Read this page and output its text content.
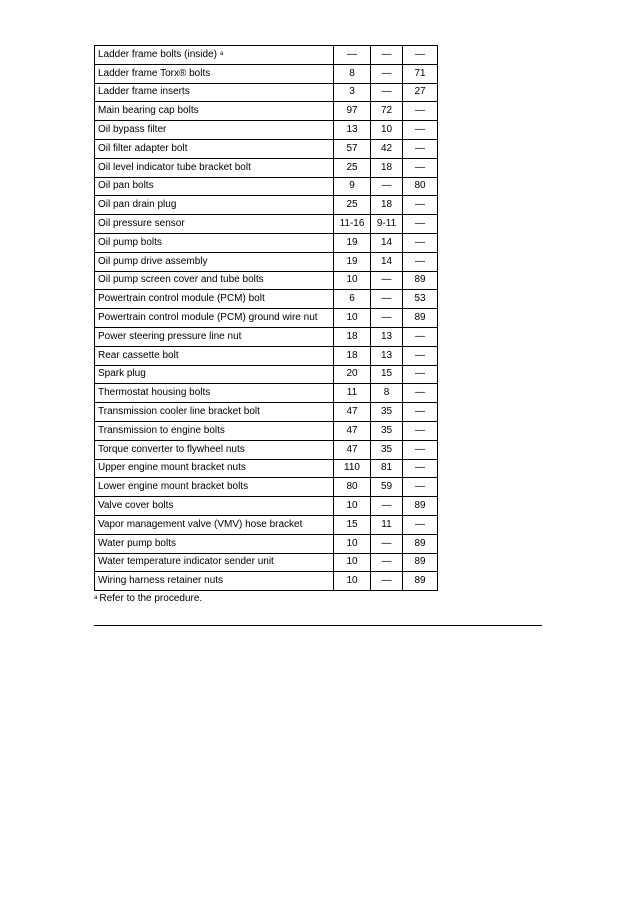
Ladder frame bolts (inside) $^a$	—	—	—
Ladder frame Torx® bolts	8	—	71
Ladder frame inserts	3	—	27
Main bearing cap bolts	97	72	—
Oil bypass filter	13	10	—
Oil filter adapter bolt	57	42	—
Oil level indicator tube bracket bolt	25	18	—
Oil pan bolts	9	—	80
Oil pan drain plug	25	18	—
Oil pressure sensor	11-16	9-11	—
Oil pump bolts	19	14	—
Oil pump drive assembly	19	14	—
Oil pump screen cover and tube bolts	10	—	89
Powertrain control module (PCM) bolt	6	—	53
Powertrain control module (PCM) ground wire nut	10	—	89
Power steering pressure line nut	18	13	—
Rear cassette bolt	18	13	—
Spark plug	20	15	—
Thermostat housing bolts	11	8	—
Transmission cooler line bracket bolt	47	35	—
Transmission to engine bolts	47	35	—
Torque converter to flywheel nuts	47	35	—
Upper engine mount bracket nuts	110	81	—
Lower engine mount bracket bolts	80	59	—
Valve cover bolts	10	—	89
Vapor management valve (VMV) hose bracket	15	11	—
Water pump bolts	10	—	89
Water temperature indicator sender unit	10	—	89
Wiring harness retainer nuts	10	—	89
$^a$ Refer to the procedure.
